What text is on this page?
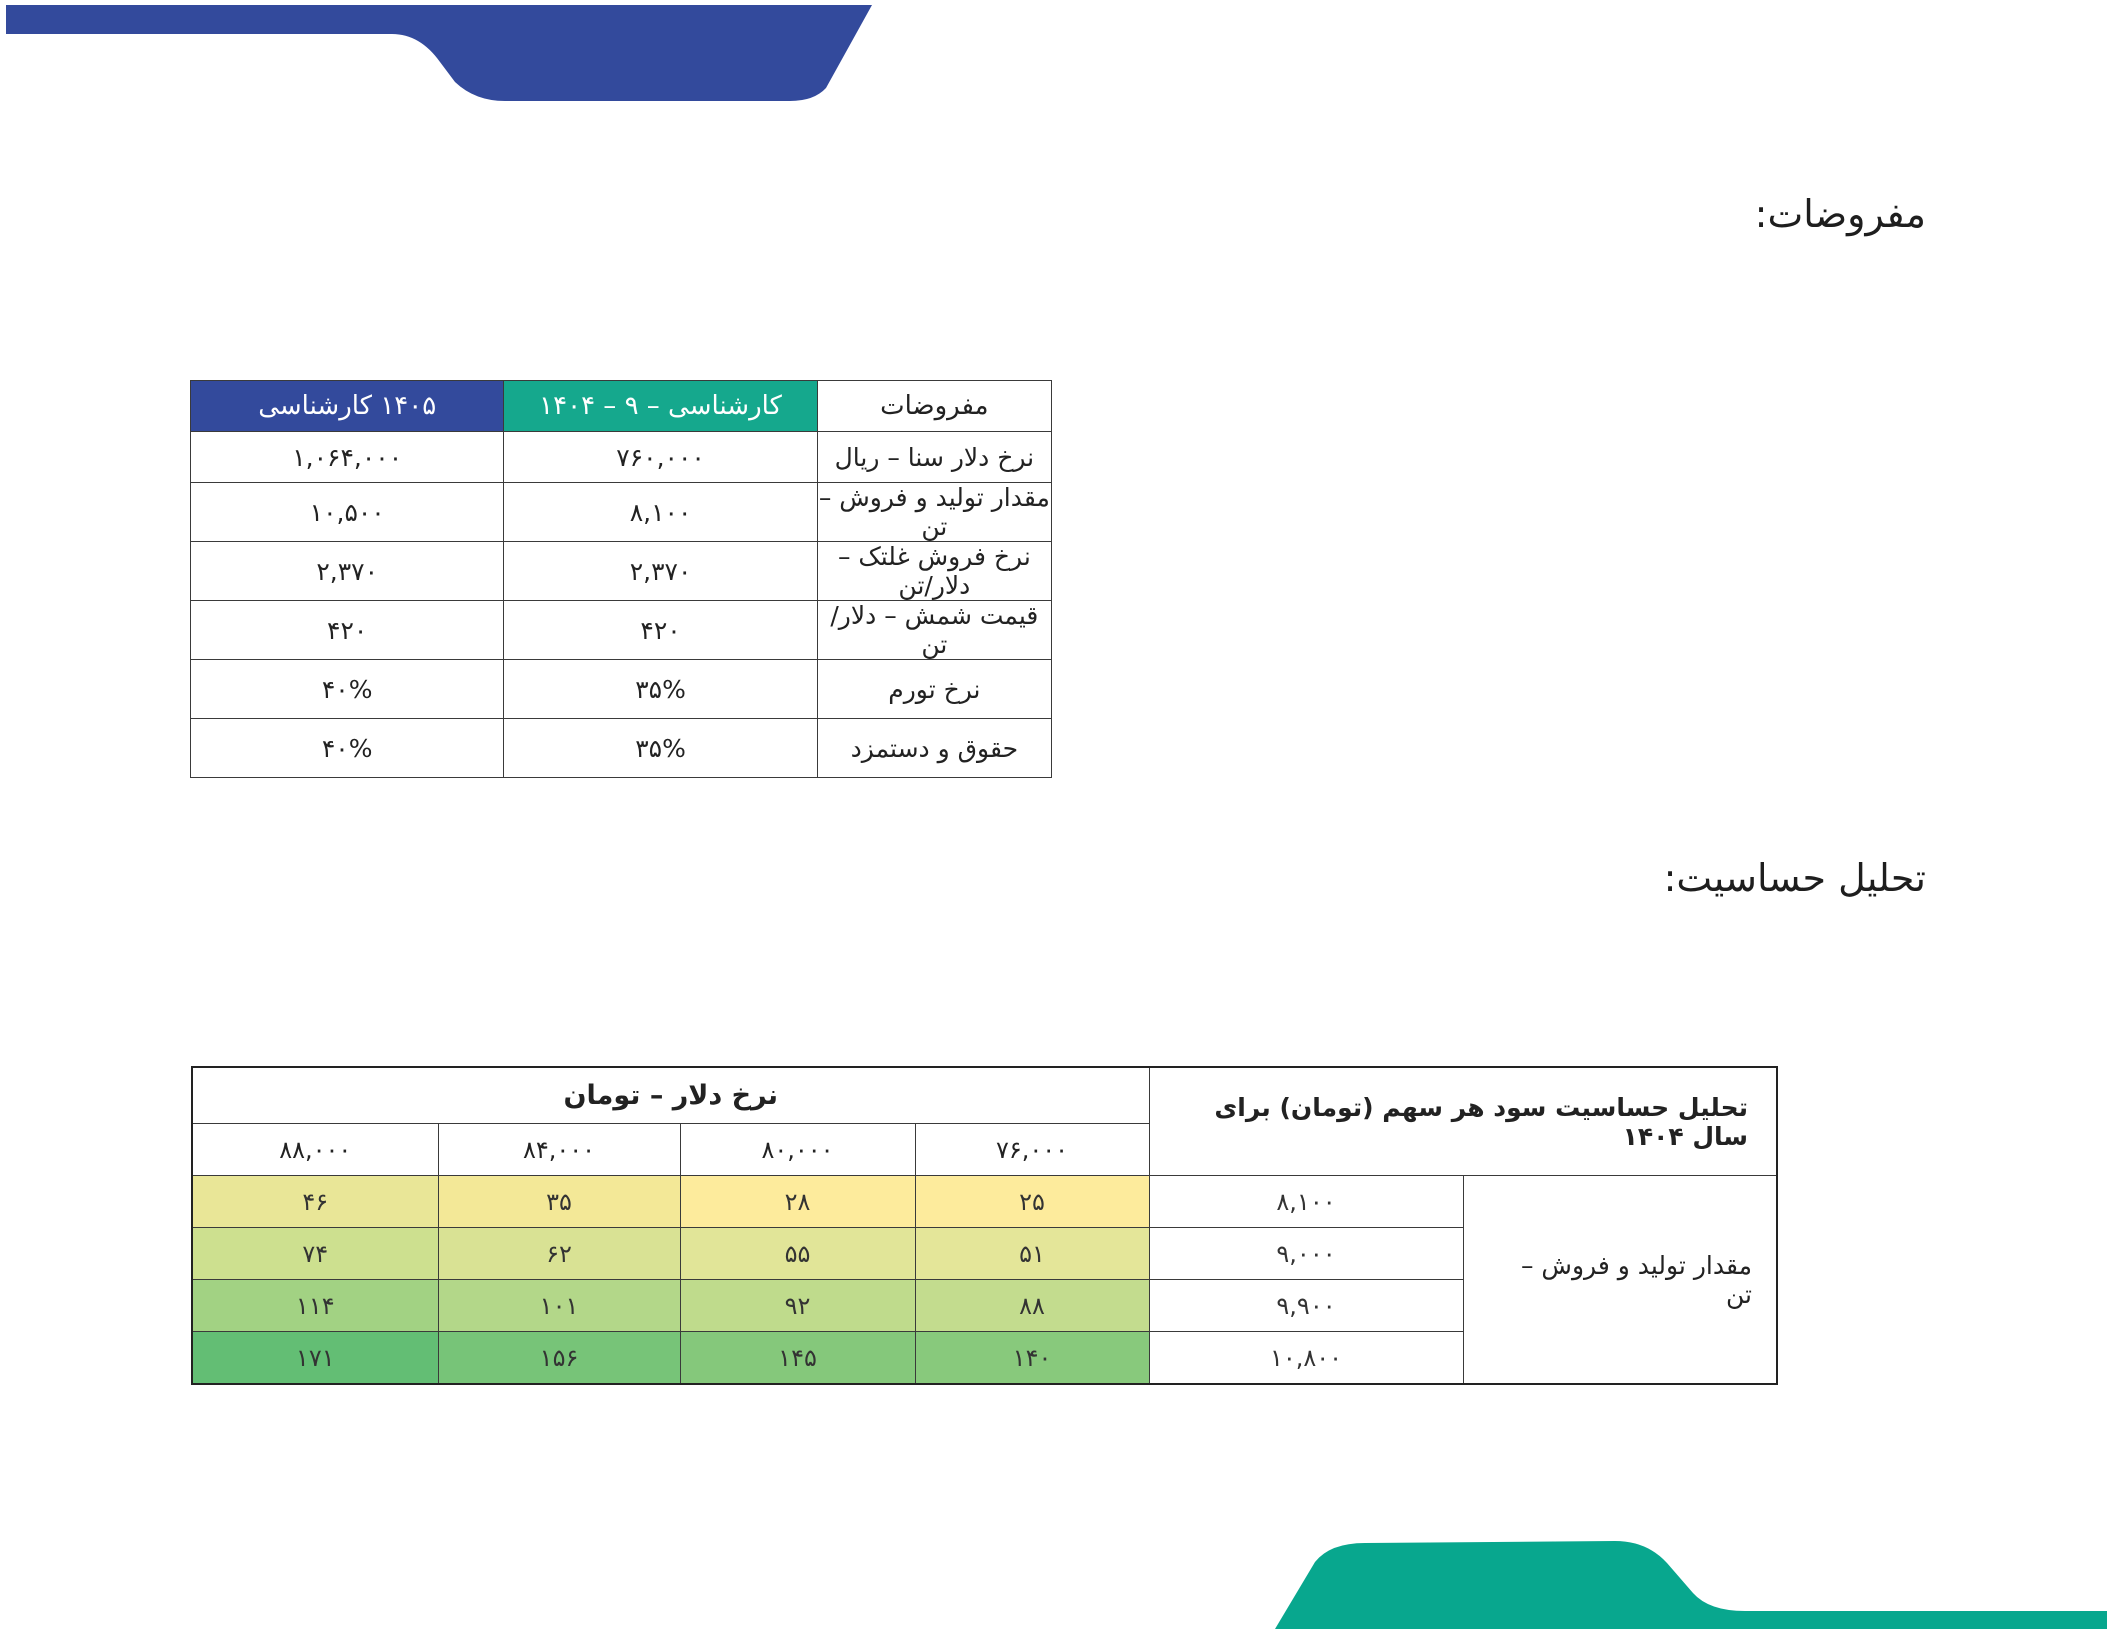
مفروضات:
مفروضات	کارشناسی – ۹ – ۱۴۰۴	۱۴۰۵ کارشناسی
نرخ دلار سنا – ریال	۷۶۰,۰۰۰	۱,۰۶۴,۰۰۰
مقدار تولید و فروش – تن	۸,۱۰۰	۱۰,۵۰۰
نرخ فروش غلتک – دلار/تن	۲,۳۷۰	۲,۳۷۰
قیمت شمش – دلار/تن	۴۲۰	۴۲۰
نرخ تورم	۳۵%	۴۰%
حقوق و دستمزد	۳۵%	۴۰%
تحلیل حساسیت:
تحلیل حساسیت سود هر سهم (تومان) برای سال ۱۴۰۴		نرخ دلار – تومان			
		۷۶,۰۰۰	۸۰,۰۰۰	۸۴,۰۰۰	۸۸,۰۰۰
مقدار تولید و فروش – تن	۸,۱۰۰	۲۵	۲۸	۳۵	۴۶
	۹,۰۰۰	۵۱	۵۵	۶۲	۷۴
	۹,۹۰۰	۸۸	۹۲	۱۰۱	۱۱۴
	۱۰,۸۰۰	۱۴۰	۱۴۵	۱۵۶	۱۷۱
